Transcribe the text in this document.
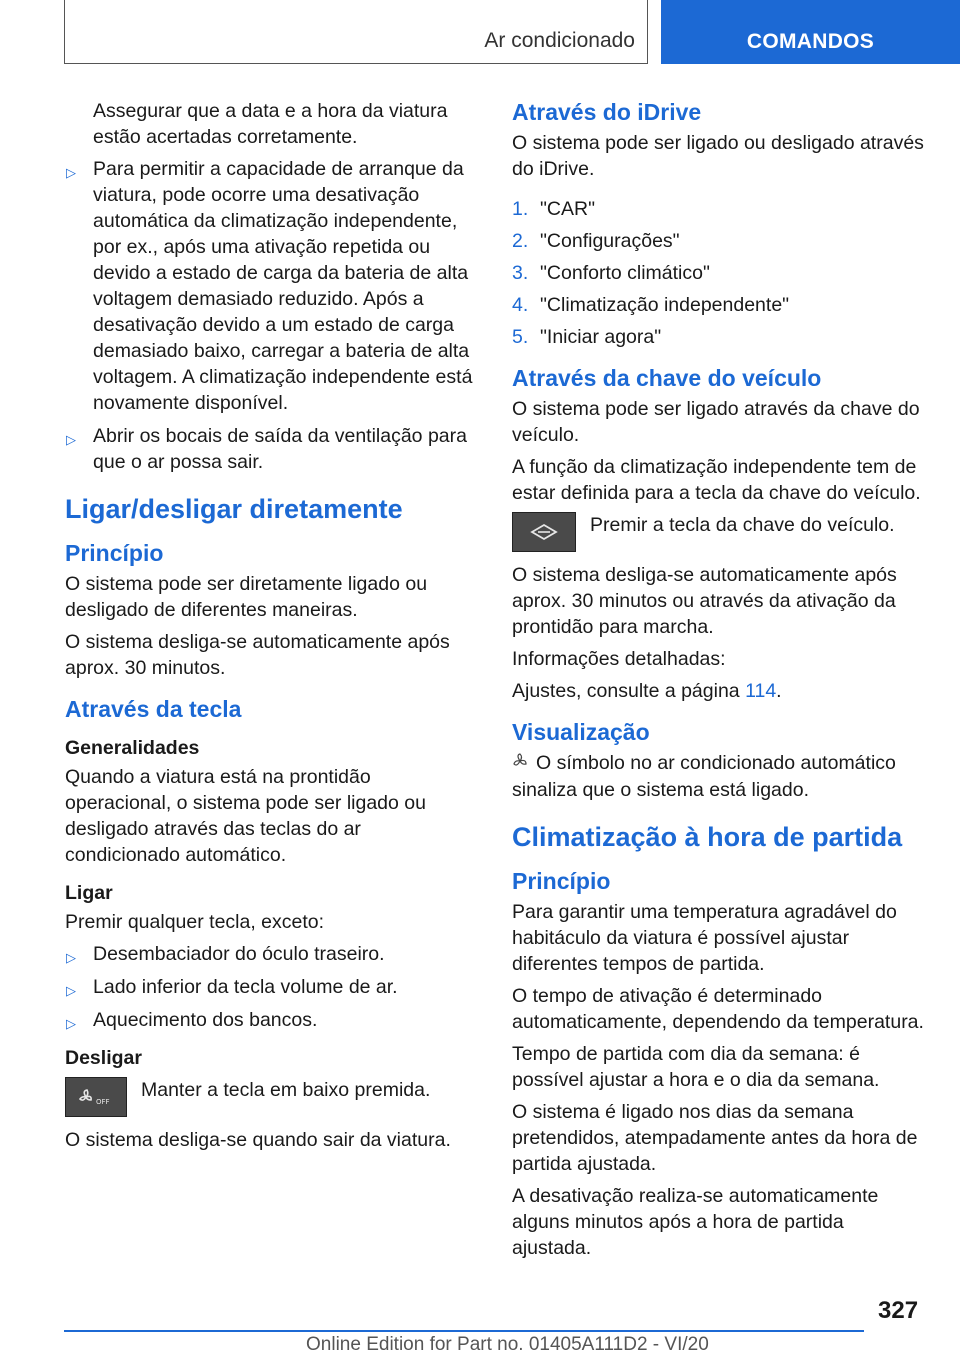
Ar condicionado	COMANDOS

Assegurar que a data e a hora da viatura estão acertadas corretamente.

▷ Para permitir a capacidade de arranque da viatura, pode ocorre uma desativação automática da climatização independente, por ex., após uma ativação repetida ou devido a estado de carga da bateria de alta voltagem demasiado reduzido. Após a desativação devido a um estado de carga demasiado baixo, carregar a bateria de alta voltagem. A climatização independente está novamente disponível.
▷ Abrir os bocais de saída da ventilação para que o ar possa sair.
Ligar/desligar diretamente
Princípio

O sistema pode ser diretamente ligado ou desligado de diferentes maneiras.

O sistema desliga-se automaticamente após aprox. 30 minutos.

Através da tecla
Generalidades

Quando a viatura está na prontidão operacional, o sistema pode ser ligado ou desligado através das teclas do ar condicionado automático.

Ligar

Premir qualquer tecla, exceto:

▷ Desembaciador do óculo traseiro.
▷ Lado inferior da tecla volume de ar.
▷ Aquecimento dos bancos.
Desligar
OFF

Manter a tecla em baixo premida.

O sistema desliga-se quando sair da viatura.

Através do iDrive

O sistema pode ser ligado ou desligado através do iDrive.

1. "CAR"
2. "Configurações"
3. "Conforto climático"
4. "Climatização independente"
5. "Iniciar agora"
Através da chave do veículo

O sistema pode ser ligado através da chave do veículo.

A função da climatização independente tem de estar definida para a tecla da chave do veículo.

Premir a tecla da chave do veículo.

O sistema desliga-se automaticamente após aprox. 30 minutos ou através da ativação da prontidão para marcha.

Informações detalhadas:

Ajustes, consulte a página 114.

Visualização

O símbolo no ar condicionado automático sinaliza que o sistema está ligado.

Climatização à hora de partida
Princípio

Para garantir uma temperatura agradável do habitáculo da viatura é possível ajustar diferentes tempos de partida.

O tempo de ativação é determinado automaticamente, dependendo da temperatura.

Tempo de partida com dia da semana: é possível ajustar a hora e o dia da semana.

O sistema é ligado nos dias da semana pretendidos, atempadamente antes da hora de partida ajustada.

A desativação realiza-se automaticamente alguns minutos após a hora de partida ajustada.

327
Online Edition for Part no. 01405A111D2 - VI/20
